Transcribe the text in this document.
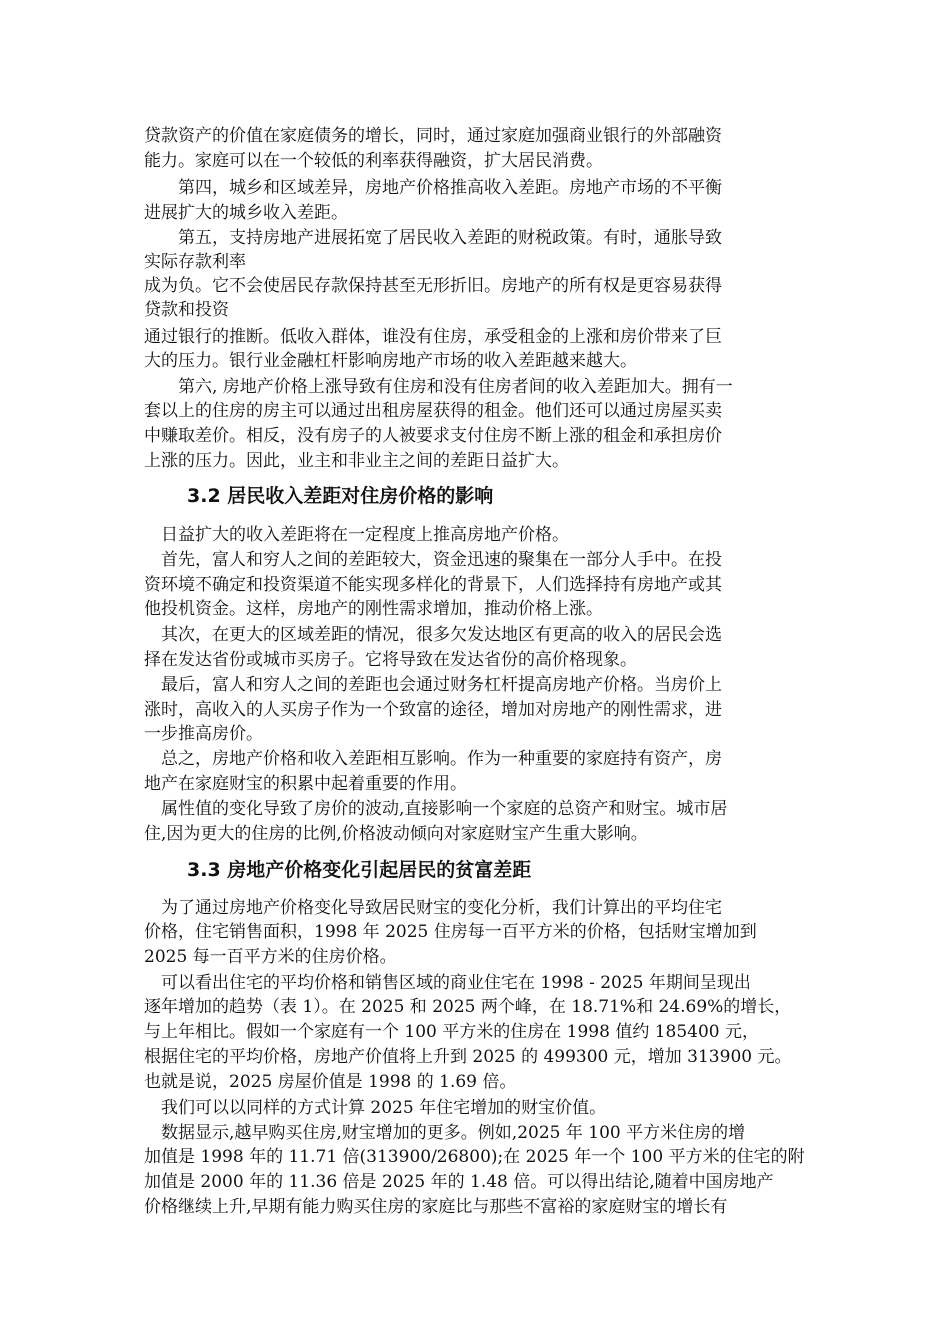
贷款资产的价值在家庭债务的增长，同时，通过家庭加强商业银行的外部融资
能力。家庭可以在一个较低的利率获得融资，扩大居民消费。
　　第四，城乡和区域差异，房地产价格推高收入差距。房地产市场的不平衡
进展扩大的城乡收入差距。
　　第五，支持房地产进展拓宽了居民收入差距的财税政策。有时，通胀导致
实际存款利率
成为负。它不会使居民存款保持甚至无形折旧。房地产的所有权是更容易获得
贷款和投资
通过银行的推断。低收入群体，谁没有住房，承受租金的上涨和房价带来了巨
大的压力。银行业金融杠杆影响房地产市场的收入差距越来越大。
　　第六, 房地产价格上涨导致有住房和没有住房者间的收入差距加大。拥有一
套以上的住房的房主可以通过出租房屋获得的租金。他们还可以通过房屋买卖
中赚取差价。相反，没有房子的人被要求支付住房不断上涨的租金和承担房价
上涨的压力。因此，业主和非业主之间的差距日益扩大。
3.2 居民收入差距对住房价格的影响
　日益扩大的收入差距将在一定程度上推高房地产价格。
　首先，富人和穷人之间的差距较大，资金迅速的聚集在一部分人手中。在投
资环境不确定和投资渠道不能实现多样化的背景下，人们选择持有房地产或其
他投机资金。这样，房地产的刚性需求增加，推动价格上涨。
　其次，在更大的区域差距的情况，很多欠发达地区有更高的收入的居民会选
择在发达省份或城市买房子。它将导致在发达省份的高价格现象。
　最后，富人和穷人之间的差距也会通过财务杠杆提高房地产价格。当房价上
涨时，高收入的人买房子作为一个致富的途径，增加对房地产的刚性需求，进
一步推高房价。
　总之，房地产价格和收入差距相互影响。作为一种重要的家庭持有资产，房
地产在家庭财宝的积累中起着重要的作用。
　属性值的变化导致了房价的波动,直接影响一个家庭的总资产和财宝。城市居
住,因为更大的住房的比例,价格波动倾向对家庭财宝产生重大影响。
3.3 房地产价格变化引起居民的贫富差距
　为了通过房地产价格变化导致居民财宝的变化分析，我们计算出的平均住宅
价格，住宅销售面积，1998 年 2025 住房每一百平方米的价格，包括财宝增加到
2025 每一百平方米的住房价格。
　可以看出住宅的平均价格和销售区域的商业住宅在 1998 - 2025 年期间呈现出
逐年增加的趋势（表 1）。在 2025 和 2025 两个峰，在 18.71%和 24.69%的增长，
与上年相比。假如一个家庭有一个 100 平方米的住房在 1998 值约 185400 元，
根据住宅的平均价格，房地产价值将上升到 2025 的 499300 元，增加 313900 元。
也就是说，2025 房屋价值是 1998 的 1.69 倍。
　我们可以以同样的方式计算 2025 年住宅增加的财宝价值。
　数据显示,越早购买住房,财宝增加的更多。例如,2025 年 100 平方米住房的增
加值是 1998 年的 11.71 倍(313900/26800);在 2025 年一个 100 平方米的住宅的附
加值是 2000 年的 11.36 倍是 2025 年的 1.48 倍。可以得出结论,随着中国房地产
价格继续上升,早期有能力购买住房的家庭比与那些不富裕的家庭财宝的增长有
